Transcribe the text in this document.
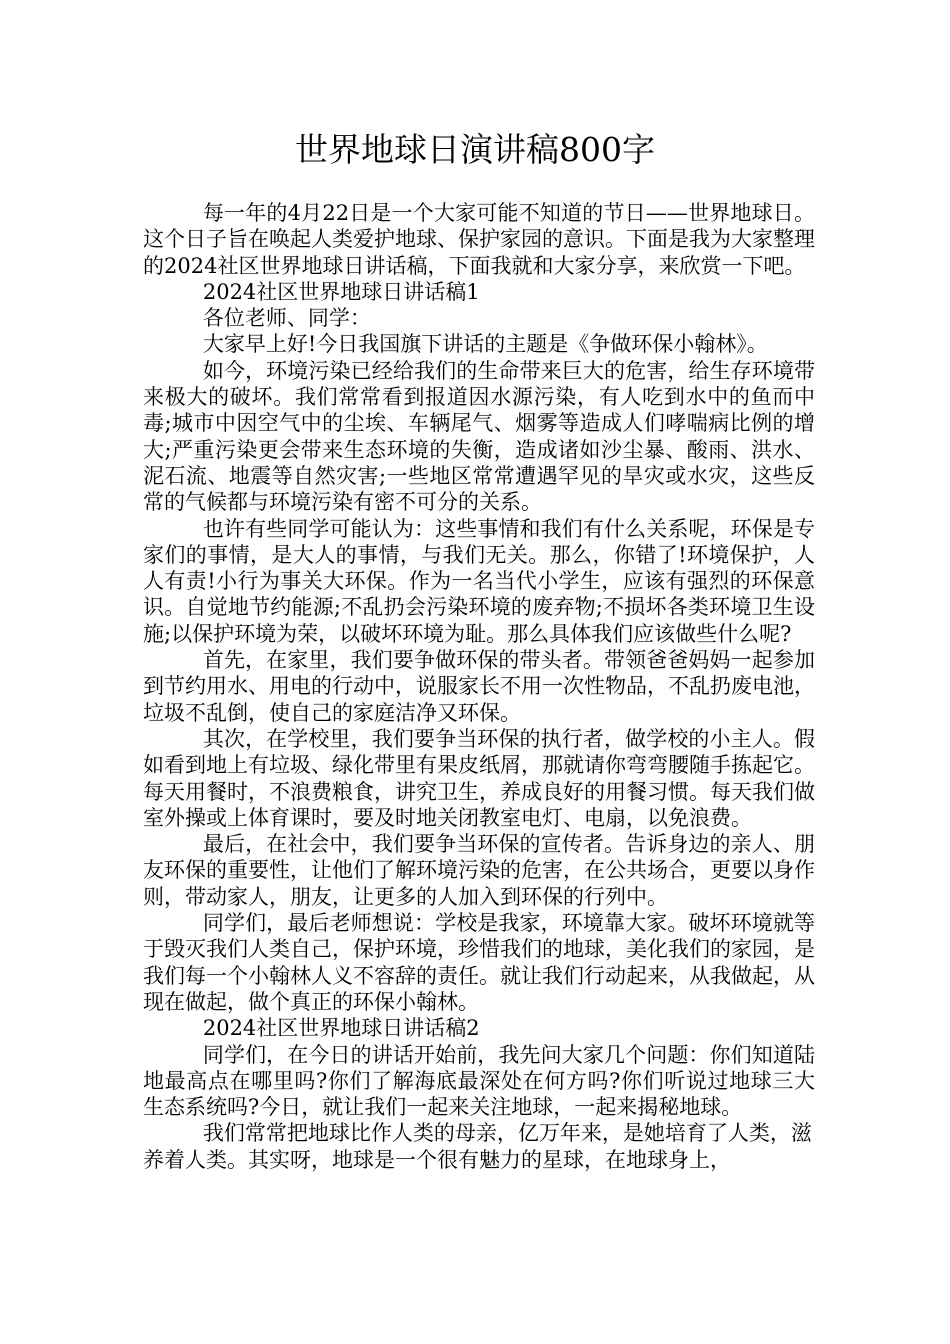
世界地球日演讲稿800字

每一年的4月22日是一个大家可能不知道的节日——世界地球日。这个日子旨在唤起人类爱护地球、保护家园的意识。下面是我为大家整理的2024社区世界地球日讲话稿，下面我就和大家分享，来欣赏一下吧。

2024社区世界地球日讲话稿1

各位老师、同学：

大家早上好!今日我国旗下讲话的主题是《争做环保小翰林》。

如今，环境污染已经给我们的生命带来巨大的危害，给生存环境带来极大的破坏。我们常常看到报道因水源污染，有人吃到水中的鱼而中毒;城市中因空气中的尘埃、车辆尾气、烟雾等造成人们哮喘病比例的增大;严重污染更会带来生态环境的失衡，造成诸如沙尘暴、酸雨、洪水、泥石流、地震等自然灾害;一些地区常常遭遇罕见的旱灾或水灾，这些反常的气候都与环境污染有密不可分的关系。

也许有些同学可能认为：这些事情和我们有什么关系呢，环保是专家们的事情，是大人的事情，与我们无关。那么，你错了!环境保护，人人有责!小行为事关大环保。作为一名当代小学生，应该有强烈的环保意识。自觉地节约能源;不乱扔会污染环境的废弃物;不损坏各类环境卫生设施;以保护环境为荣，以破坏环境为耻。那么具体我们应该做些什么呢?

首先，在家里，我们要争做环保的带头者。带领爸爸妈妈一起参加到节约用水、用电的行动中，说服家长不用一次性物品，不乱扔废电池，垃圾不乱倒，使自己的家庭洁净又环保。

其次，在学校里，我们要争当环保的执行者，做学校的小主人。假如看到地上有垃圾、绿化带里有果皮纸屑，那就请你弯弯腰随手拣起它。每天用餐时，不浪费粮食，讲究卫生，养成良好的用餐习惯。每天我们做室外操或上体育课时，要及时地关闭教室电灯、电扇，以免浪费。

最后，在社会中，我们要争当环保的宣传者。告诉身边的亲人、朋友环保的重要性，让他们了解环境污染的危害，在公共场合，更要以身作则，带动家人，朋友，让更多的人加入到环保的行列中。

同学们，最后老师想说：学校是我家，环境靠大家。破坏环境就等于毁灭我们人类自己，保护环境，珍惜我们的地球，美化我们的家园，是我们每一个小翰林人义不容辞的责任。就让我们行动起来，从我做起，从现在做起，做个真正的环保小翰林。

2024社区世界地球日讲话稿2

同学们，在今日的讲话开始前，我先问大家几个问题：你们知道陆地最高点在哪里吗?你们了解海底最深处在何方吗?你们听说过地球三大生态系统吗?今日，就让我们一起来关注地球，一起来揭秘地球。

我们常常把地球比作人类的母亲，亿万年来，是她培育了人类，滋养着人类。其实呀，地球是一个很有魅力的星球，在地球身上，
